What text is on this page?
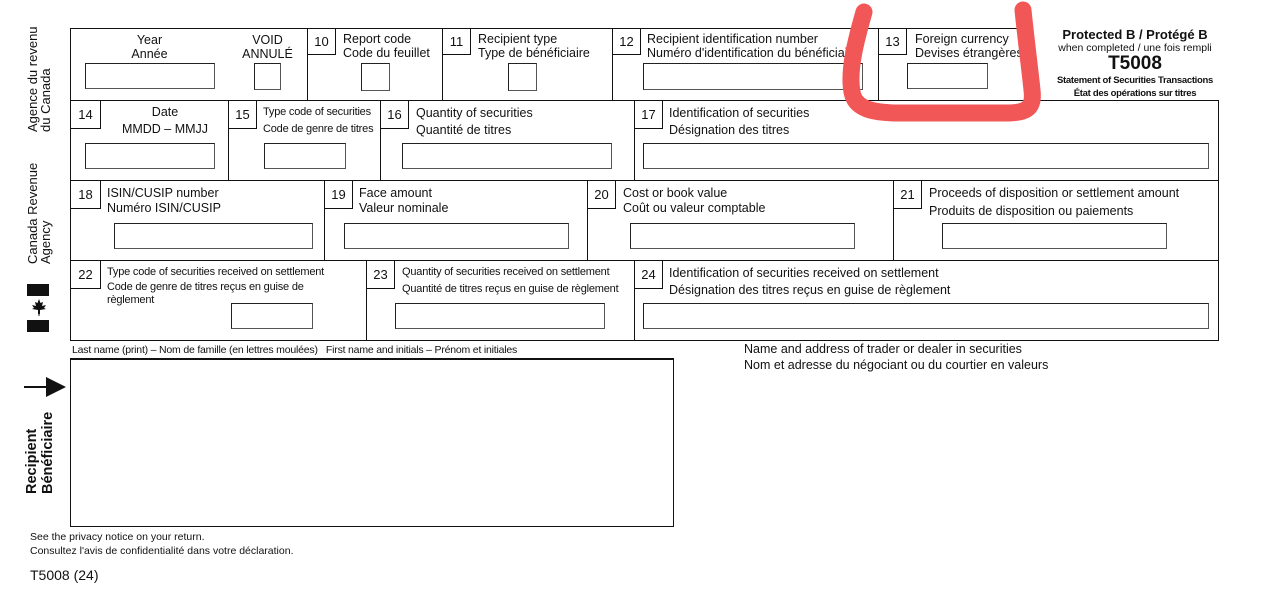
Agence du revenu
du Canada
Canada Revenue
Agency
Year
Année
VOID
ANNULÉ
10	Report code
Code du feuillet
11	Recipient type
Type de bénéficiaire
12	Recipient identification number
Numéro d'identification du bénéficiaire
13	Foreign currency
Devises étrangères
Protected B / Protégé B
when completed / une fois rempli
T5008
Statement of Securities Transactions
État des opérations sur titres
14	Date
MMDD – MMJJ
15	Type code of securities
Code de genre de titres
16	Quantity of securities
Quantité de titres
17	Identification of securities
Désignation des titres
18	ISIN/CUSIP number
Numéro ISIN/CUSIP
19	Face amount
Valeur nominale
20	Cost or book value
Coût ou valeur comptable
21	Proceeds of disposition or settlement amount
Produits de disposition ou paiements
22	Type code of securities received on settlement
Code de genre de titres reçus en guise de
règlement
23	Quantity of securities received on settlement
Quantité de titres reçus en guise de règlement
24	Identification of securities received on settlement
Désignation des titres reçus en guise de règlement
Last name (print) – Nom de famille (en lettres moulées)   First name and initials – Prénom et initiales
Recipient Bénéficiaire
Name and address of trader or dealer in securities
Nom et adresse du négociant ou du courtier en valeurs
See the privacy notice on your return.
Consultez l'avis de confidentialité dans votre déclaration.
T5008 (24)
